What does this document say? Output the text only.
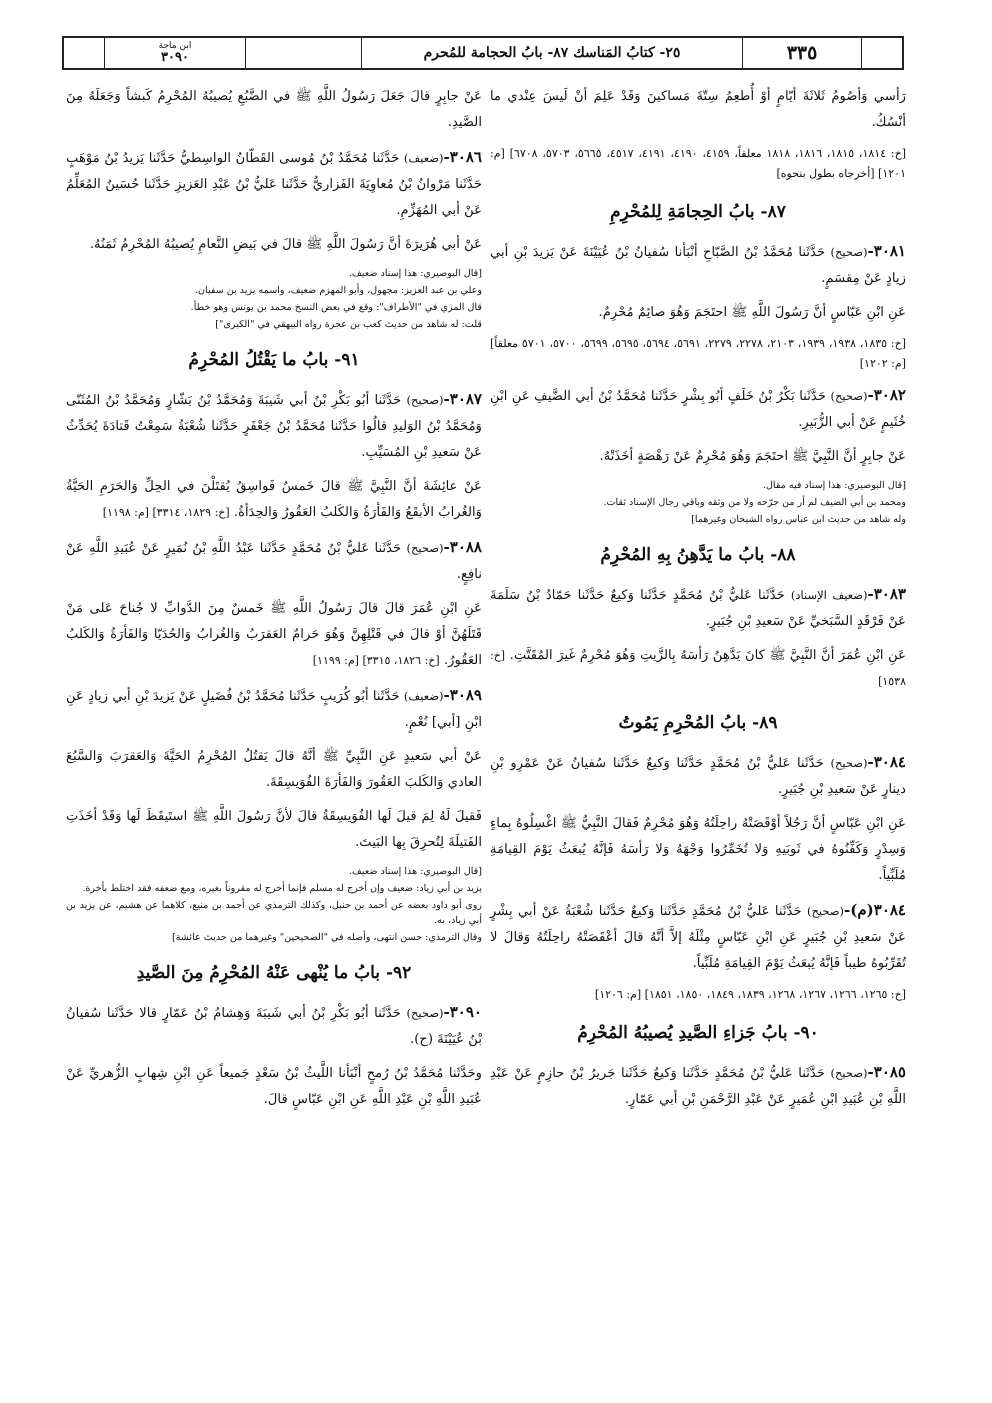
ابن ماجة
٣٠٩٠	٢٥- كتابُ المَناسك ٨٧- بابُ الحجامة للمُحرم	٣٣٥

رَأسي وَأصُومُ ثَلاثَةَ أيّامٍ أوْ أُطعِمُ سِتّةَ مَساكينَ وَقَدْ عَلِمَ أنْ لَيسَ عِنْدي ما أنْسُكُ.

[خ: ١٨١٤، ١٨١٥، ١٨١٦، ١٨١٨ معلقاً، ٤١٥٩، ٤١٩٠، ٤١٩١، ٤٥١٧، ٥٦٦٥، ٥٧٠٣، ٦٧٠٨] [م: ١٢٠١] [أخرجاه بطول بنحوه]

٨٧- بابُ الحِجامَةِ لِلمُحْرِمِ

٣٠٨١-(صحيح) حَدَّثَنا مُحَمَّدُ بْنُ الصَّبّاحِ أنْبَأنا سُفيانُ بْنُ عُيَيْنَةَ عَنْ يَزيدَ بْنِ أبي زيادٍ عَنْ مِقسَمٍ.

عَنِ ابْنِ عَبّاسٍ أنَّ رَسُولَ اللَّهِ ﷺ احتَجَمَ وَهُوَ صائِمٌ مُحْرِمٌ.

[خ: ١٨٣٥، ١٩٣٨، ١٩٣٩، ٢١٠٣، ٢٢٧٨، ٢٢٧٩، ٥٦٩١، ٥٦٩٤، ٥٦٩٥، ٥٦٩٩، ٥٧٠٠، ٥٧٠١ معلقاً] [م: ١٢٠٢]

٣٠٨٢-(صحيح) حَدَّثَنا بَكْرُ بْنُ خَلَفٍ أبُو بِشْرٍ حَدَّثَنا مُحَمَّدُ بْنُ أبي الضَّيفِ عَنِ ابْنِ خُثَيمٍ عَنْ أبي الزُّبَيرِ.

عَنْ جابِرٍ أنَّ النَّبِيَّ ﷺ احتَجَمَ وَهُوَ مُحْرِمٌ عَنْ رَهْصَةٍ أخَذَتْهُ.

[قال البوصيري: هذا إسناد فيه مقال.

ومحمد بن أبي الضيف لم أر من جرّحه ولا من وثقه وباقي رجال الإسناد ثقات.

وله شاهد من حديث ابن عباس رواه الشيخان وغيرهما]

٨٨- بابُ ما يَدَّهِنُ بِهِ المُحْرِمُ

٣٠٨٣-(ضعيف الإسناد) حَدَّثَنا عَليُّ بْنُ مُحَمَّدٍ حَدَّثَنا وَكيعٌ حَدَّثَنا حَمّادُ بْنُ سَلَمَةَ عَنْ فَرْقَدٍ السَّبَخيِّ عَنْ سَعيدِ بْنِ جُبَيرٍ.

عَنِ ابْنِ عُمَرَ أنَّ النَّبِيَّ ﷺ كانَ يَدَّهِنُ رَأسَهُ بِالزَّيتِ وَهُوَ مُحْرِمٌ غَيرَ المُقَتَّتِ. [خ: ١٥٣٨]

٨٩- بابُ المُحْرِمِ يَمُوتُ

٣٠٨٤-(صحيح) حَدَّثَنا عَليُّ بْنُ مُحَمَّدٍ حَدَّثَنا وَكيعٌ حَدَّثَنا سُفيانُ عَنْ عَمْرِو بْنِ دينارٍ عَنْ سَعيدِ بْنِ جُبَيرٍ.

عَنِ ابْنِ عَبّاسٍ أنَّ رَجُلاً أوْقَصَتْهُ راحِلَتُهُ وَهُوَ مُحْرِمٌ فَقالَ النَّبِيُّ ﷺ اغْسِلُوهُ بِماءٍ وَسِدْرٍ وَكَفِّنُوهُ في ثَوبَيهِ وَلا تُخَمِّرُوا وَجْهَهُ وَلا رَأسَهُ فَإنَّهُ يُبعَثُ يَوْمَ القِيامَةِ مُلَبِّياً.

٣٠٨٤(م)-(صحيح) حَدَّثَنا عَليُّ بْنُ مُحَمَّدٍ حَدَّثَنا وَكيعٌ حَدَّثَنا شُعْبَةُ عَنْ أبي بِشْرٍ عَنْ سَعيدِ بْنِ جُبَيرٍ عَنِ ابْنِ عَبّاسٍ مِثْلَهُ إلاَّ أنَّهُ قالَ أعْقَصَتْهُ راحِلَتُهُ وَقالَ لا تُقَرِّبُوهُ طيباً فَإنَّهُ يُبعَثُ يَوْمَ القِيامَةِ مُلَبِّياً.

[خ: ١٢٦٥، ١٢٦٦، ١٢٦٧، ١٢٦٨، ١٨٣٩، ١٨٤٩، ١٨٥٠، ١٨٥١] [م: ١٢٠٦]

٩٠- بابُ جَزاءِ الصَّيدِ يُصيبُهُ المُحْرِمُ

٣٠٨٥-(صحيح) حَدَّثَنا عَليُّ بْنُ مُحَمَّدٍ حَدَّثَنا وَكيعٌ حَدَّثَنا جَريرُ بْنُ حازِمٍ عَنْ عَبْدِ اللَّهِ بْنِ عُبَيدِ ابْنِ عُمَيرٍ عَنْ عَبْدِ الرَّحْمَنِ بْنِ أبي عَمّارٍ.

عَنْ جابِرٍ قالَ جَعَلَ رَسُولُ اللَّهِ ﷺ في الضَّبُعِ يُصيبُهُ المُحْرِمُ كَبشاً وَجَعَلَهُ مِنَ الصَّيدِ.

٣٠٨٦-(ضعيف) حَدَّثَنا مُحَمَّدُ بْنُ مُوسى القَطّانُ الواسِطيُّ حَدَّثَنا يَزيدُ بْنُ مَوْهَبٍ حَدَّثَنا مَرْوانُ بْنُ مُعاوِيَةَ الفَزاريُّ حَدَّثَنا عَليُّ بْنُ عَبْدِ العَزيزِ حَدَّثَنا حُسَينٌ المُعَلِّمُ عَنْ أبي المُهَزِّمِ.

عَنْ أبي هُرَيرَةَ أنَّ رَسُولَ اللَّهِ ﷺ قالَ في بَيضِ النَّعامِ يُصيبُهُ المُحْرِمُ ثَمَنُهُ.

[قال البوصيري: هذا إسناد ضعيف.

وعلي بن عبد العزيز: مجهول، وأبو المهزم ضعيف، واسمه يزيد بن سفيان.

قال المزي في "الأطراف": وقع في بعض النسخ محمد بن يونس وهو خطأ.

قلت: له شاهد من حديث كعب بن عجرة رواه البيهقي في "الكبرى"]

٩١- بابُ ما يَقْتُلُ المُحْرِمُ

٣٠٨٧-(صحيح) حَدَّثَنا أبُو بَكْرِ بْنُ أبي شَيبَةَ وَمُحَمَّدُ بْنُ بَشّارٍ وَمُحَمَّدُ بْنُ المُثَنّى وَمُحَمَّدُ بْنُ الوَليدِ قالُوا حَدَّثَنا مُحَمَّدُ بْنُ جَعْفَرٍ حَدَّثَنا شُعْبَةُ سَمِعْتُ قَتادَةَ يُحَدِّثُ عَنْ سَعيدِ بْنِ المُسَيِّبِ.

عَنْ عائِشَةَ أنَّ النَّبِيَّ ﷺ قالَ خَمسٌ فَواسِقُ يُقتَلْنَ في الحِلِّ وَالحَرَمِ الحَيَّةُ وَالغُرابُ الأبقَعُ وَالفَأرَةُ وَالكَلبُ العَقُورُ وَالحِدَأةُ. [خ: ١٨٢٩، ٣٣١٤] [م: ١١٩٨]

٣٠٨٨-(صحيح) حَدَّثَنا عَليُّ بْنُ مُحَمَّدٍ حَدَّثَنا عَبْدُ اللَّهِ بْنُ نُمَيرٍ عَنْ عُبَيدِ اللَّهِ عَنْ نافِعٍ.

عَنِ ابْنِ عُمَرَ قالَ قالَ رَسُولُ اللَّهِ ﷺ خَمسٌ مِنَ الدَّوابِّ لا جُناحَ عَلى مَنْ قَتَلَهُنَّ أوْ قالَ في قَتْلِهِنَّ وَهُوَ حَرامٌ العَقرَبُ وَالغُرابُ وَالحُدَيّا وَالفَأرَةُ وَالكَلبُ العَقُورُ. [خ: ١٨٢٦، ٣٣١٥] [م: ١١٩٩]

٣٠٨٩-(ضعيف) حَدَّثَنا أبُو كُرَيبٍ حَدَّثَنا مُحَمَّدُ بْنُ فُضَيلٍ عَنْ يَزيدَ بْنِ أبي زيادٍ عَنِ ابْنِ [أبي] نُعْمٍ.

عَنْ أبي سَعيدٍ عَنِ النَّبِيِّ ﷺ أنَّهُ قالَ يَقتُلُ المُحْرِمُ الحَيَّةَ وَالعَقرَبَ وَالسَّبُعَ العادي وَالكَلبَ العَقُورَ وَالفَأرَةَ الفُوَيسِقَةَ.

فَقيلَ لَهُ لِمَ قيلَ لَها الفُوَيسِقَةُ قالَ لأنَّ رَسُولَ اللَّهِ ﷺ استَيقَظَ لَها وَقَدْ أخَذَتِ الفَتيلَةَ لِتُحرِقَ بِها البَيتَ.

[قال البوصيري: هذا إسناد ضعيف.

يزيد بن أبي زياد: ضعيف وإن أخرج له مسلم فإنما أخرج له مقروناً بغيره، ومع ضعفه فقد اختلط بأخرة.

روى أبو داود بعضه عن أحمد بن حنبل، وكذلك الترمذي عن أحمد بن منيع، كلاهما عن هشيم، عن يزيد بن أبي زياد، به.

وقال الترمذي: حسن انتهى، وأصله في "الصحيحين" وغيرهما من حديث عائشة]

٩٢- بابُ ما يُنْهى عَنْهُ المُحْرِمُ مِنَ الصَّيدِ

٣٠٩٠-(صحيح) حَدَّثَنا أبُو بَكْرِ بْنُ أبي شَيبَةَ وَهِشامُ بْنُ عَمّارٍ قالا حَدَّثَنا سُفيانُ بْنُ عُيَيْنَةَ (ح).

وحَدَّثَنا مُحَمَّدُ بْنُ رُمحٍ أنْبَأنا اللَّيثُ بْنُ سَعْدٍ جَميعاً عَنِ ابْنِ شِهابٍ الزُّهريِّ عَنْ عُبَيدِ اللَّهِ بْنِ عَبْدِ اللَّهِ عَنِ ابْنِ عَبّاسٍ قالَ.
